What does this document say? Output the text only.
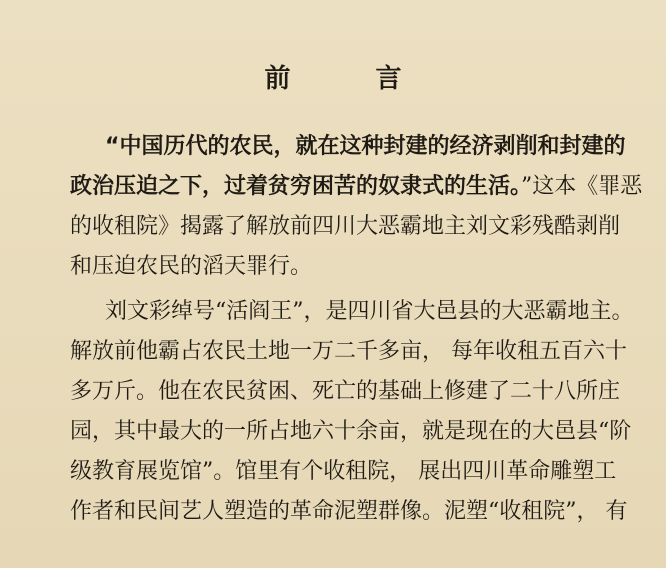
前 言
“中国历代的农民，就在这种封建的经济剥削和封建的
政治压迫之下，过着贫穷困苦的奴隶式的生活。”这本《罪恶
的收租院》揭露了解放前四川大恶霸地主刘文彩残酷剥削
和压迫农民的滔天罪行。
刘文彩绰号“活阎王”，是四川省大邑县的大恶霸地主。
解放前他霸占农民土地一万二千多亩， 每年收租五百六十
多万斤。他在农民贫困、死亡的基础上修建了二十八所庄
园，其中最大的一所占地六十余亩，就是现在的大邑县“阶
级教育展览馆”。馆里有个收租院， 展出四川革命雕塑工
作者和民间艺人塑造的革命泥塑群像。泥塑“收租院”， 有
